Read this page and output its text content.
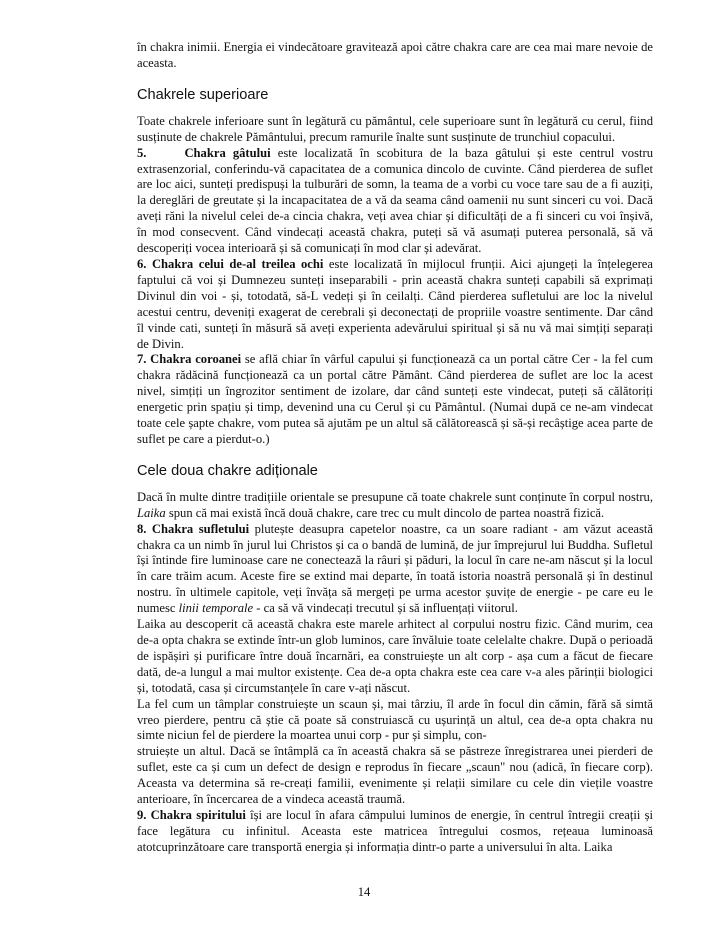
în chakra inimii. Energia ei vindecătoare gravitează apoi către chakra care are cea mai mare nevoie de aceasta.

Chakrele superioare

Toate chakrele inferioare sunt în legătură cu pământul, cele superioare sunt în legătură cu cerul, fiind susținute de chakrele Pământului, precum ramurile înalte sunt susținute de trunchiul copacului.

5.	Chakra gâtului este localizată în scobitura de la baza gâtului și este centrul vostru extrasenzorial, conferindu-vă capacitatea de a comunica dincolo de cuvinte. Când pierderea de suflet are loc aici, sunteți predispuși la tulburări de somn, la teama de a vorbi cu voce tare sau de a fi auziți, la dereglări de greutate și la incapacitatea de a vă da seama când oamenii nu sunt sinceri cu voi. Dacă aveți răni la nivelul celei de-a cincia chakra, veți avea chiar și dificultăți de a fi sinceri cu voi înșivă, în mod consecvent. Când vindecați această chakra, puteți să vă asumați puterea personală, să vă descoperiți vocea interioară și să comunicați în mod clar și adevărat.

6. Chakra celui de-al treilea ochi este localizată în mijlocul frunții. Aici ajungeți la înțelegerea faptului că voi și Dumnezeu sunteți inseparabili - prin această chakra sunteți capabili să exprimați Divinul din voi - și, totodată, să-L vedeți și în ceilalți. Când pierderea sufletului are loc la nivelul acestui centru, deveniți exagerat de cerebrali și deconectați de propriile voastre sentimente. Dar când îl vinde cati, sunteți în măsură să aveți experienta adevărului spiritual și să nu vă mai simțiți separați de Divin.

7. Chakra coroanei se află chiar în vârful capului și funcționează ca un portal către Cer - la fel cum chakra rădăcină funcționează ca un portal către Pământ. Când pierderea de suflet are loc la acest nivel, simțiți un îngrozitor sentiment de izolare, dar când sunteți este vindecat, puteți să călătoriți energetic prin spațiu și timp, devenind una cu Cerul și cu Pământul. (Numai după ce ne-am vindecat toate cele șapte chakre, vom putea să ajutăm pe un altul să călătorească și să-și recâștige acea parte de suflet pe care a pierdut-o.)

Cele doua chakre adiționale

Dacă în multe dintre tradițiile orientale se presupune că toate chakrele sunt conținute în corpul nostru, Laika spun că mai există încă două chakre, care trec cu mult dincolo de partea noastră fizică.

8. Chakra sufletului plutește deasupra capetelor noastre, ca un soare radiant - am văzut această chakra ca un nimb în jurul lui Christos și ca o bandă de lumină, de jur împrejurul lui Buddha. Sufletul își întinde fire luminoase care ne conectează la râuri și păduri, la locul în care ne-am născut și la locul în care trăim acum. Aceste fire se extind mai departe, în toată istoria noastră personală și în destinul nostru. în ultimele capitole, veți învăța să mergeți pe urma acestor șuvițe de energie - pe care eu le numesc linii temporale - ca să vă vindecați trecutul și să influențați viitorul.

Laika au descoperit că această chakra este marele arhitect al corpului nostru fizic. Când murim, cea de-a opta chakra se extinde într-un glob luminos, care învăluie toate celelalte chakre. După o perioadă de ispășiri și purificare între două încarnări, ea construiește un alt corp - așa cum a făcut de fiecare dată, de-a lungul a mai multor existențe. Cea de-a opta chakra este cea care v-a ales părinții biologici și, totodată, casa și circumstanțele în care v-ați născut.

La fel cum un tâmplar construiește un scaun și, mai târziu, îl arde în focul din cămin, fără să simtă vreo pierdere, pentru că știe că poate să construiască cu ușurință un altul, cea de-a opta chakra nu simte niciun fel de pierdere la moartea unui corp - pur și simplu, con-

struiește un altul. Dacă se întâmplă ca în această chakra să se păstreze înregistrarea unei pierderi de suflet, este ca și cum un defect de design e reprodus în fiecare „scaun" nou (adică, în fiecare corp). Aceasta va determina să re-creați familii, evenimente și relații similare cu cele din viețile voastre anterioare, în încercarea de a vindeca această traumă.

9. Chakra spiritului își are locul în afara câmpului luminos de energie, în centrul întregii creații și face legătura cu infinitul. Aceasta este matricea întregului cosmos, rețeaua luminoasă atotcuprinzătoare care transportă energia și informația dintr-o parte a universului în alta. Laika

14
